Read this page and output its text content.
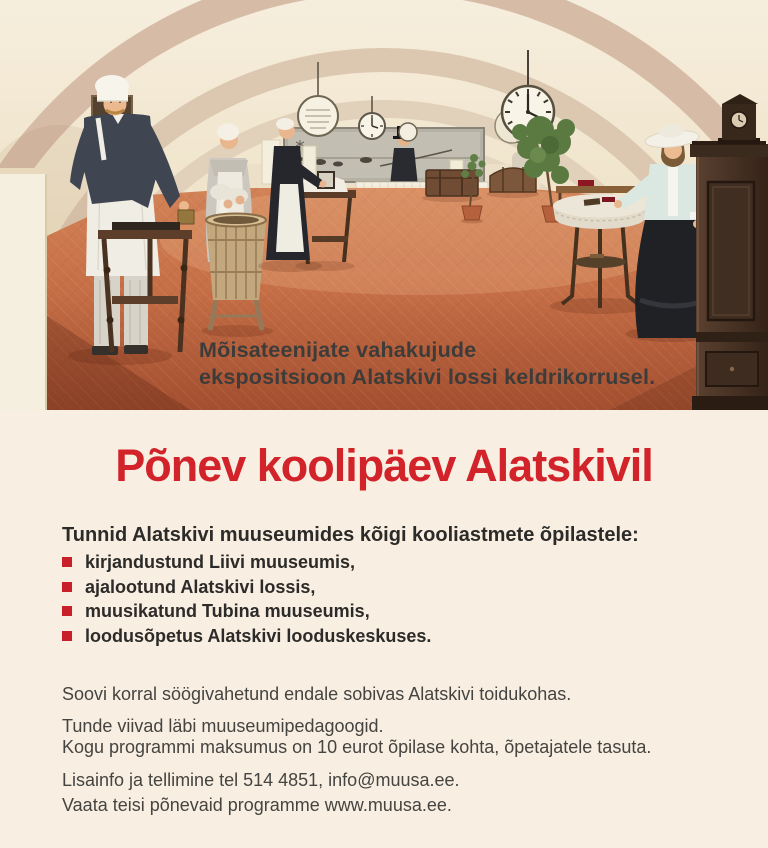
Mõisateenijate vahakujude
ekspositsioon Alatskivi lossi keldrikorrusel.
Põnev koolipäev Alatskivil

Tunnid Alatskivi muuseumides kõigi kooliastmete õpilastele:

kirjandustund Liivi muuseumis,
ajalootund Alatskivi lossis,
muusikatund Tubina muuseumis,
loodusõpetus Alatskivi looduskeskuses.

Soovi korral söögivahetund endale sobivas Alatskivi toidukohas.

Tunde viivad läbi muuseumipedagoogid.
Kogu programmi maksumus on 10 eurot õpilase kohta, õpetajatele tasuta.

Lisainfo ja tellimine tel 514 4851, info@muusa.ee.

Vaata teisi põnevaid programme www.muusa.ee.
